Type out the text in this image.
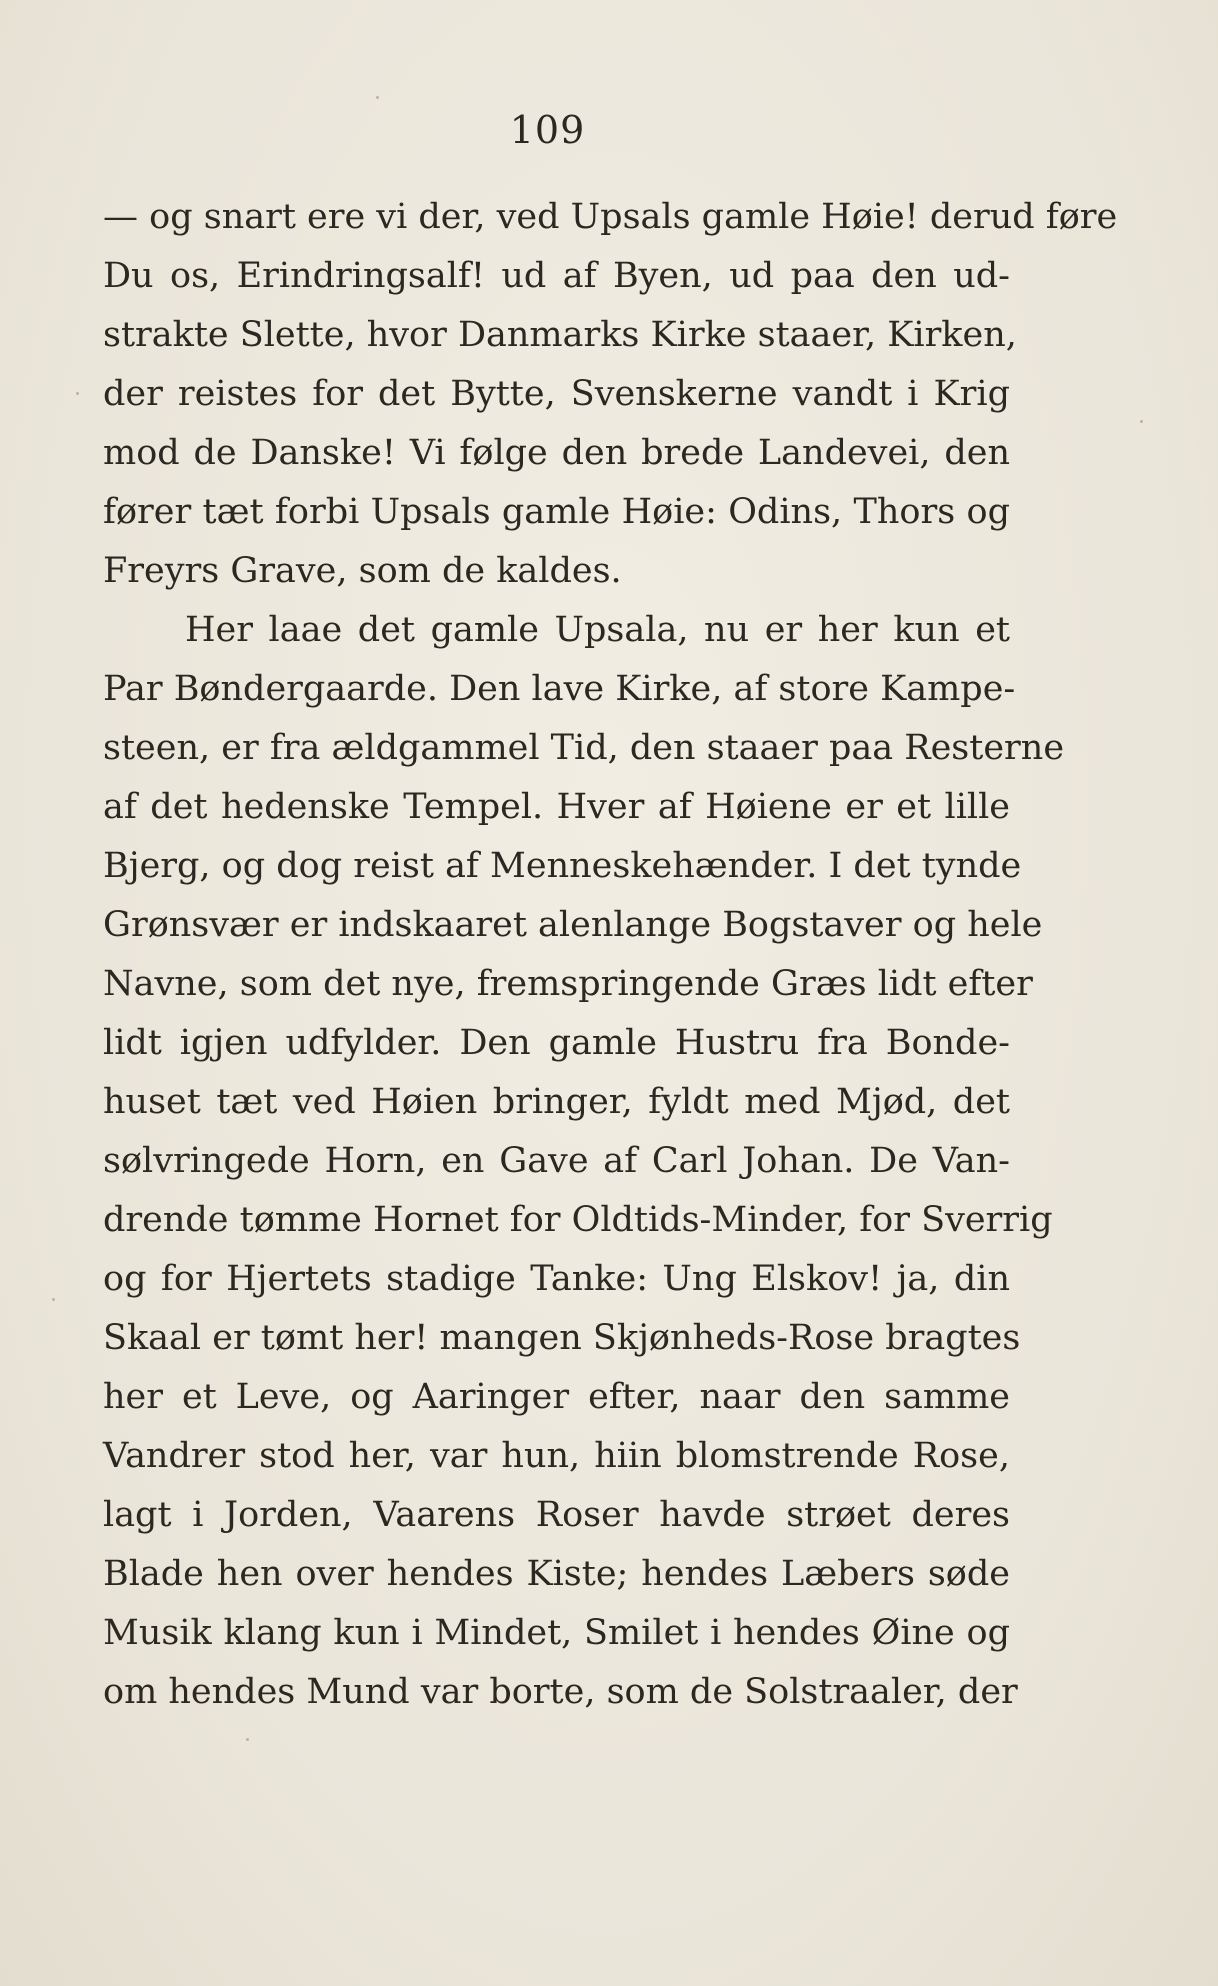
109
— og snart ere vi der, ved Upsals gamle Høie! derud føre
Du os, Erindringsalf! ud af Byen, ud paa den ud-
strakte Slette, hvor Danmarks Kirke staaer, Kirken,
der reistes for det Bytte, Svenskerne vandt i Krig
mod de Danske! Vi følge den brede Landevei, den
fører tæt forbi Upsals gamle Høie: Odins, Thors og
Freyrs Grave, som de kaldes.
Her laae det gamle Upsala, nu er her kun et
Par Bøndergaarde. Den lave Kirke, af store Kampe-
steen, er fra ældgammel Tid, den staaer paa Resterne
af det hedenske Tempel. Hver af Høiene er et lille
Bjerg, og dog reist af Menneskehænder. I det tynde
Grønsvær er indskaaret alenlange Bogstaver og hele
Navne, som det nye, fremspringende Græs lidt efter
lidt igjen udfylder. Den gamle Hustru fra Bonde-
huset tæt ved Høien bringer, fyldt med Mjød, det
sølvringede Horn, en Gave af Carl Johan. De Van-
drende tømme Hornet for Oldtids-Minder, for Sverrig
og for Hjertets stadige Tanke: Ung Elskov! ja, din
Skaal er tømt her! mangen Skjønheds-Rose bragtes
her et Leve, og Aaringer efter, naar den samme
Vandrer stod her, var hun, hiin blomstrende Rose,
lagt i Jorden, Vaarens Roser havde strøet deres
Blade hen over hendes Kiste; hendes Læbers søde
Musik klang kun i Mindet, Smilet i hendes Øine og
om hendes Mund var borte, som de Solstraaler, der
